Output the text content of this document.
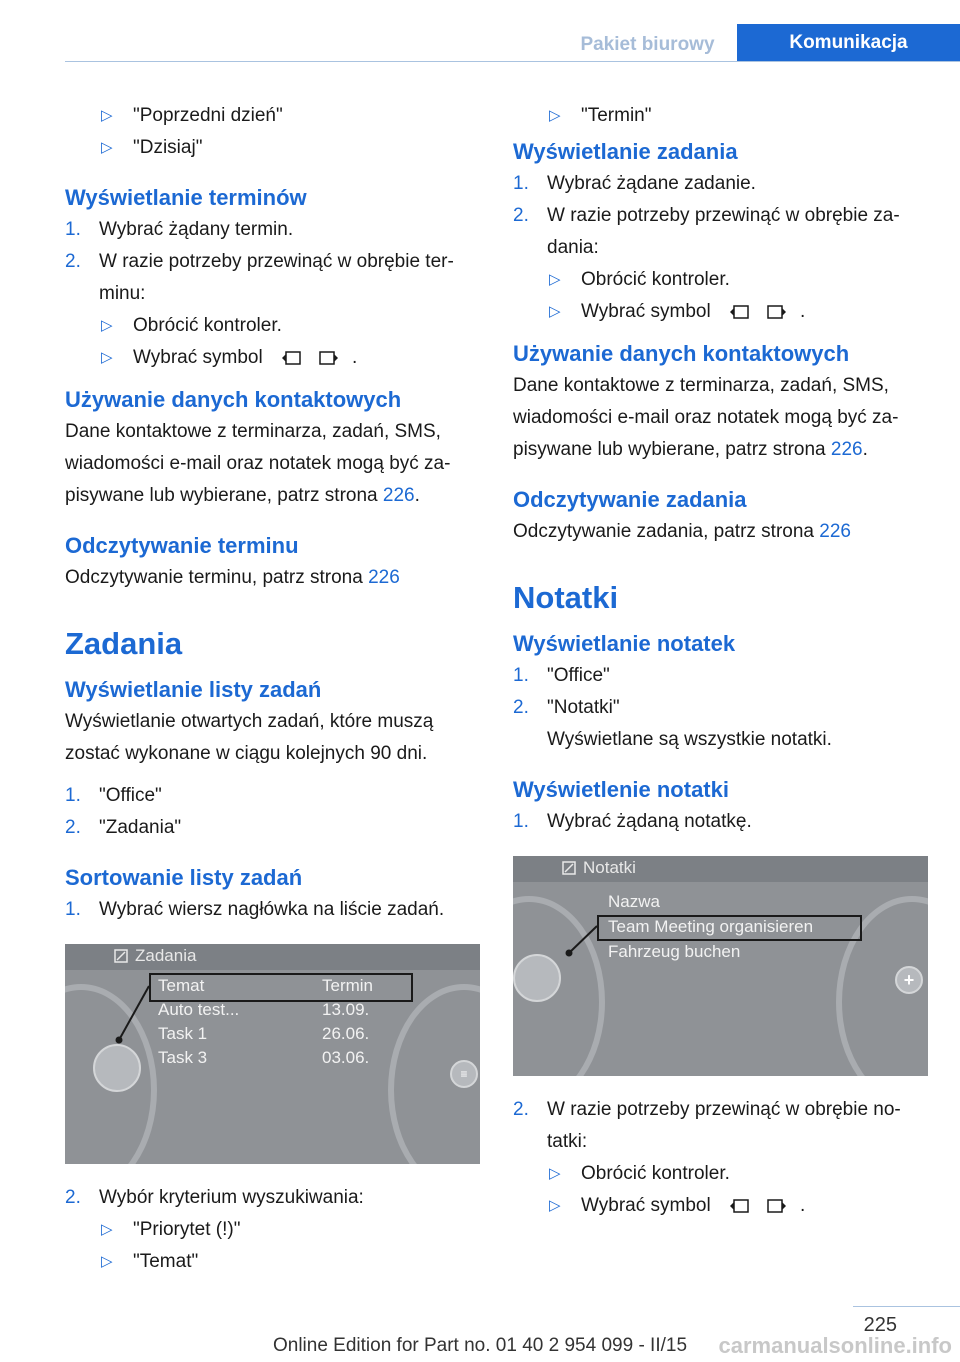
Pakiet biurowy	Komunikacja
▷ "Poprzedni dzień"
▷ "Dzisiaj"
Wyświetlanie terminów
1. Wybrać żądany termin.
2. W razie potrzeby przewinąć w obrębie ter-
minu:
▷ Obrócić kontroler.
▷ Wybrać symbol	.
Używanie danych kontaktowych

Dane kontaktowe z terminarza, zadań, SMS,

wiadomości e-mail oraz notatek mogą być za-

pisywane lub wybierane, patrz strona 226.

Odczytywanie terminu

Odczytywanie terminu, patrz strona 226

Zadania
Wyświetlanie listy zadań

Wyświetlanie otwartych zadań, które muszą

zostać wykonane w ciągu kolejnych 90 dni.

1. "Office"
2. "Zadania"
Sortowanie listy zadań
1. Wybrać wiersz nagłówka na liście zadań.
Zadania
≡
Temat	Termin
Auto test...	13.09.
Task 1	26.06.
Task 3	03.06.
2. Wybór kryterium wyszukiwania:
▷ "Priorytet (!)"
▷ "Temat"
▷ "Termin"
Wyświetlanie zadania
1. Wybrać żądane zadanie.
2. W razie potrzeby przewinąć w obrębie za-
dania:
▷ Obrócić kontroler.
▷ Wybrać symbol	.
Używanie danych kontaktowych

Dane kontaktowe z terminarza, zadań, SMS,

wiadomości e-mail oraz notatek mogą być za-

pisywane lub wybierane, patrz strona 226.

Odczytywanie zadania

Odczytywanie zadania, patrz strona 226

Notatki
Wyświetlanie notatek
1. "Office"
2. "Notatki"
Wyświetlane są wszystkie notatki.
Wyświetlenie notatki
1. Wybrać żądaną notatkę.
Notatki
+
Nazwa
Team Meeting organisieren
Fahrzeug buchen
2. W razie potrzeby przewinąć w obrębie no-
tatki:
▷ Obrócić kontroler.
▷ Wybrać symbol	.
225
Online Edition for Part no. 01 40 2 954 099 - II/15	carmanualsonline.info
